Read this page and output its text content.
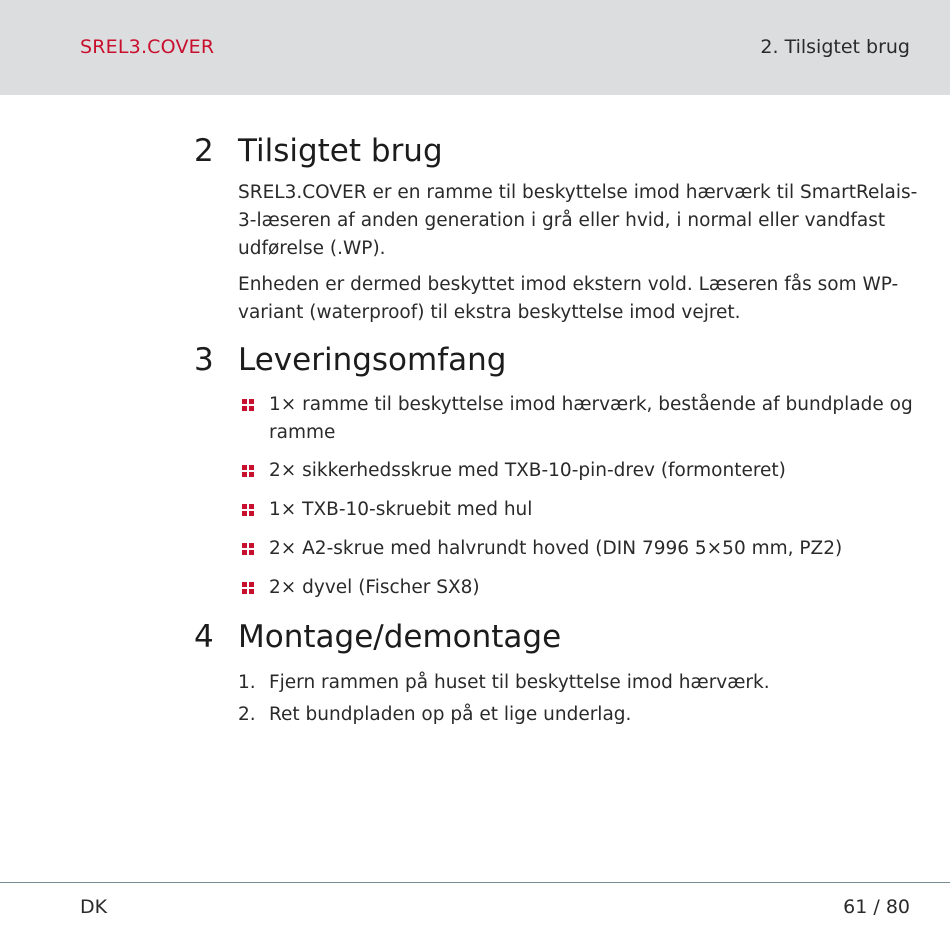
SREL3.COVER	2. Tilsigtet brug
2 Tilsigtet brug

SREL3.COVER er en ramme til beskyttelse imod hærværk til SmartRelais-3-læseren af anden generation i grå eller hvid, i normal eller vandfast udførelse (.WP).

Enheden er dermed beskyttet imod ekstern vold. Læseren fås som WP-variant (waterproof) til ekstra beskyttelse imod vejret.

3 Leveringsomfang
1× ramme til beskyttelse imod hærværk, bestående af bundplade og ramme
2× sikkerhedsskrue med TXB-10-pin-drev (formonteret)
1× TXB-10-skruebit med hul
2× A2-skrue med halvrundt hoved (DIN 7996 5×50 mm, PZ2)
2× dyvel (Fischer SX8)
4 Montage/demontage
1. Fjern rammen på huset til beskyttelse imod hærværk.
2. Ret bundpladen op på et lige underlag.
DK	61 / 80
